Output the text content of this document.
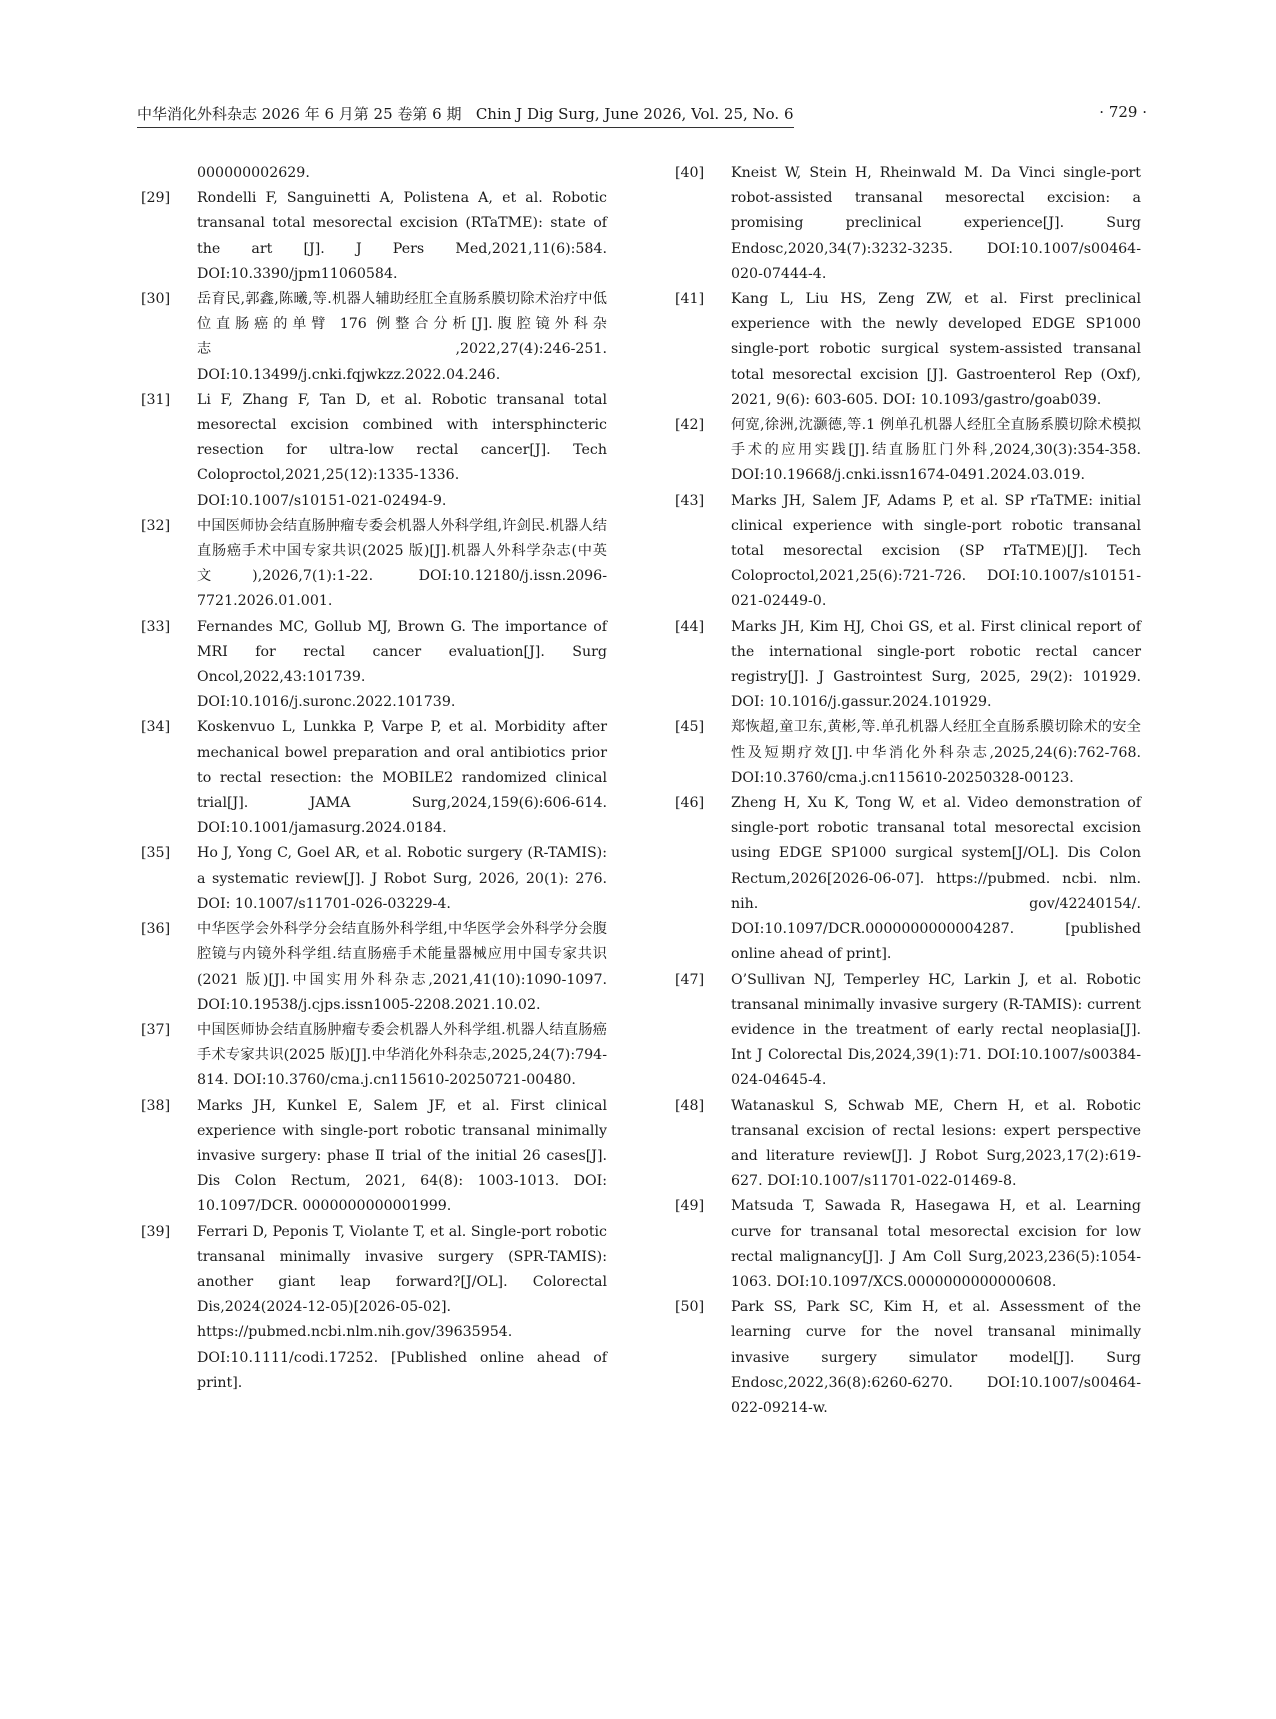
中华消化外科杂志 2026 年 6 月第 25 卷第 6 期 Chin J Dig Surg, June 2026, Vol. 25, No. 6	· 729 ·
000000002629.
[29] Rondelli F, Sanguinetti A, Polistena A, et al. Robotic transanal total mesorectal excision (RTaTME): state of the art [J]. J Pers Med,2021,11(6):584. DOI:10.3390/jpm11060584.
[30] 岳育民,郭鑫,陈曦,等.机器人辅助经肛全直肠系膜切除术治疗中低位直肠癌的单臂 176 例整合分析[J].腹腔镜外科杂志,2022,27(4):246-251. DOI:10.13499/j.cnki.fqjwkzz.2022.04.246.
[31] Li F, Zhang F, Tan D, et al. Robotic transanal total mesorectal excision combined with intersphincteric resection for ultra-low rectal cancer[J]. Tech Coloproctol,2021,25(12):1335-1336. DOI:10.1007/s10151-021-02494-9.
[32] 中国医师协会结直肠肿瘤专委会机器人外科学组,许剑民.机器人结直肠癌手术中国专家共识(2025 版)[J].机器人外科学杂志(中英文),2026,7(1):1-22. DOI:10.12180/j.issn.2096-7721.2026.01.001.
[33] Fernandes MC, Gollub MJ, Brown G. The importance of MRI for rectal cancer evaluation[J]. Surg Oncol,2022,43:101739. DOI:10.1016/j.suronc.2022.101739.
[34] Koskenvuo L, Lunkka P, Varpe P, et al. Morbidity after mechanical bowel preparation and oral antibiotics prior to rectal resection: the MOBILE2 randomized clinical trial[J]. JAMA Surg,2024,159(6):606-614. DOI:10.1001/jamasurg.2024.0184.
[35] Ho J, Yong C, Goel AR, et al. Robotic surgery (R-TAMIS): a systematic review[J]. J Robot Surg, 2026, 20(1): 276. DOI: 10.1007/s11701-026-03229-4.
[36] 中华医学会外科学分会结直肠外科学组,中华医学会外科学分会腹腔镜与内镜外科学组.结直肠癌手术能量器械应用中国专家共识(2021 版)[J].中国实用外科杂志,2021,41(10):1090-1097. DOI:10.19538/j.cjps.issn1005-2208.2021.10.02.
[37] 中国医师协会结直肠肿瘤专委会机器人外科学组.机器人结直肠癌手术专家共识(2025 版)[J].中华消化外科杂志,2025,24(7):794-814. DOI:10.3760/cma.j.cn115610-20250721-00480.
[38] Marks JH, Kunkel E, Salem JF, et al. First clinical experience with single-port robotic transanal minimally invasive surgery: phase Ⅱ trial of the initial 26 cases[J]. Dis Colon Rectum, 2021, 64(8): 1003-1013. DOI: 10.1097/DCR. 0000000000001999.
[39] Ferrari D, Peponis T, Violante T, et al. Single-port robotic transanal minimally invasive surgery (SPR-TAMIS): another giant leap forward?[J/OL]. Colorectal Dis,2024(2024-12-05)[2026-05-02]. https://pubmed.ncbi.nlm.nih.gov/39635954. DOI:10.1111/codi.17252. [Published online ahead of print].
[40] Kneist W, Stein H, Rheinwald M. Da Vinci single-port robot-assisted transanal mesorectal excision: a promising preclinical experience[J]. Surg Endosc,2020,34(7):3232-3235. DOI:10.1007/s00464-020-07444-4.
[41] Kang L, Liu HS, Zeng ZW, et al. First preclinical experience with the newly developed EDGE SP1000 single-port robotic surgical system-assisted transanal total mesorectal excision [J]. Gastroenterol Rep (Oxf), 2021, 9(6): 603-605. DOI: 10.1093/gastro/goab039.
[42] 何宽,徐洲,沈灏德,等.1 例单孔机器人经肛全直肠系膜切除术模拟手术的应用实践[J].结直肠肛门外科,2024,30(3):354-358. DOI:10.19668/j.cnki.issn1674-0491.2024.03.019.
[43] Marks JH, Salem JF, Adams P, et al. SP rTaTME: initial clinical experience with single-port robotic transanal total mesorectal excision (SP rTaTME)[J]. Tech Coloproctol,2021,25(6):721-726. DOI:10.1007/s10151-021-02449-0.
[44] Marks JH, Kim HJ, Choi GS, et al. First clinical report of the international single-port robotic rectal cancer registry[J]. J Gastrointest Surg, 2025, 29(2): 101929. DOI: 10.1016/j.gassur.2024.101929.
[45] 郑恢超,童卫东,黄彬,等.单孔机器人经肛全直肠系膜切除术的安全性及短期疗效[J].中华消化外科杂志,2025,24(6):762-768. DOI:10.3760/cma.j.cn115610-20250328-00123.
[46] Zheng H, Xu K, Tong W, et al. Video demonstration of single-port robotic transanal total mesorectal excision using EDGE SP1000 surgical system[J/OL]. Dis Colon Rectum,2026[2026-06-07]. https://pubmed. ncbi. nlm. nih. gov/42240154/. DOI:10.1097/DCR.0000000000004287. [published online ahead of print].
[47] O’Sullivan NJ, Temperley HC, Larkin J, et al. Robotic transanal minimally invasive surgery (R-TAMIS): current evidence in the treatment of early rectal neoplasia[J]. Int J Colorectal Dis,2024,39(1):71. DOI:10.1007/s00384-024-04645-4.
[48] Watanaskul S, Schwab ME, Chern H, et al. Robotic transanal excision of rectal lesions: expert perspective and literature review[J]. J Robot Surg,2023,17(2):619-627. DOI:10.1007/s11701-022-01469-8.
[49] Matsuda T, Sawada R, Hasegawa H, et al. Learning curve for transanal total mesorectal excision for low rectal malignancy[J]. J Am Coll Surg,2023,236(5):1054-1063. DOI:10.1097/XCS.0000000000000608.
[50] Park SS, Park SC, Kim H, et al. Assessment of the learning curve for the novel transanal minimally invasive surgery simulator model[J]. Surg Endosc,2022,36(8):6260-6270. DOI:10.1007/s00464-022-09214-w.
